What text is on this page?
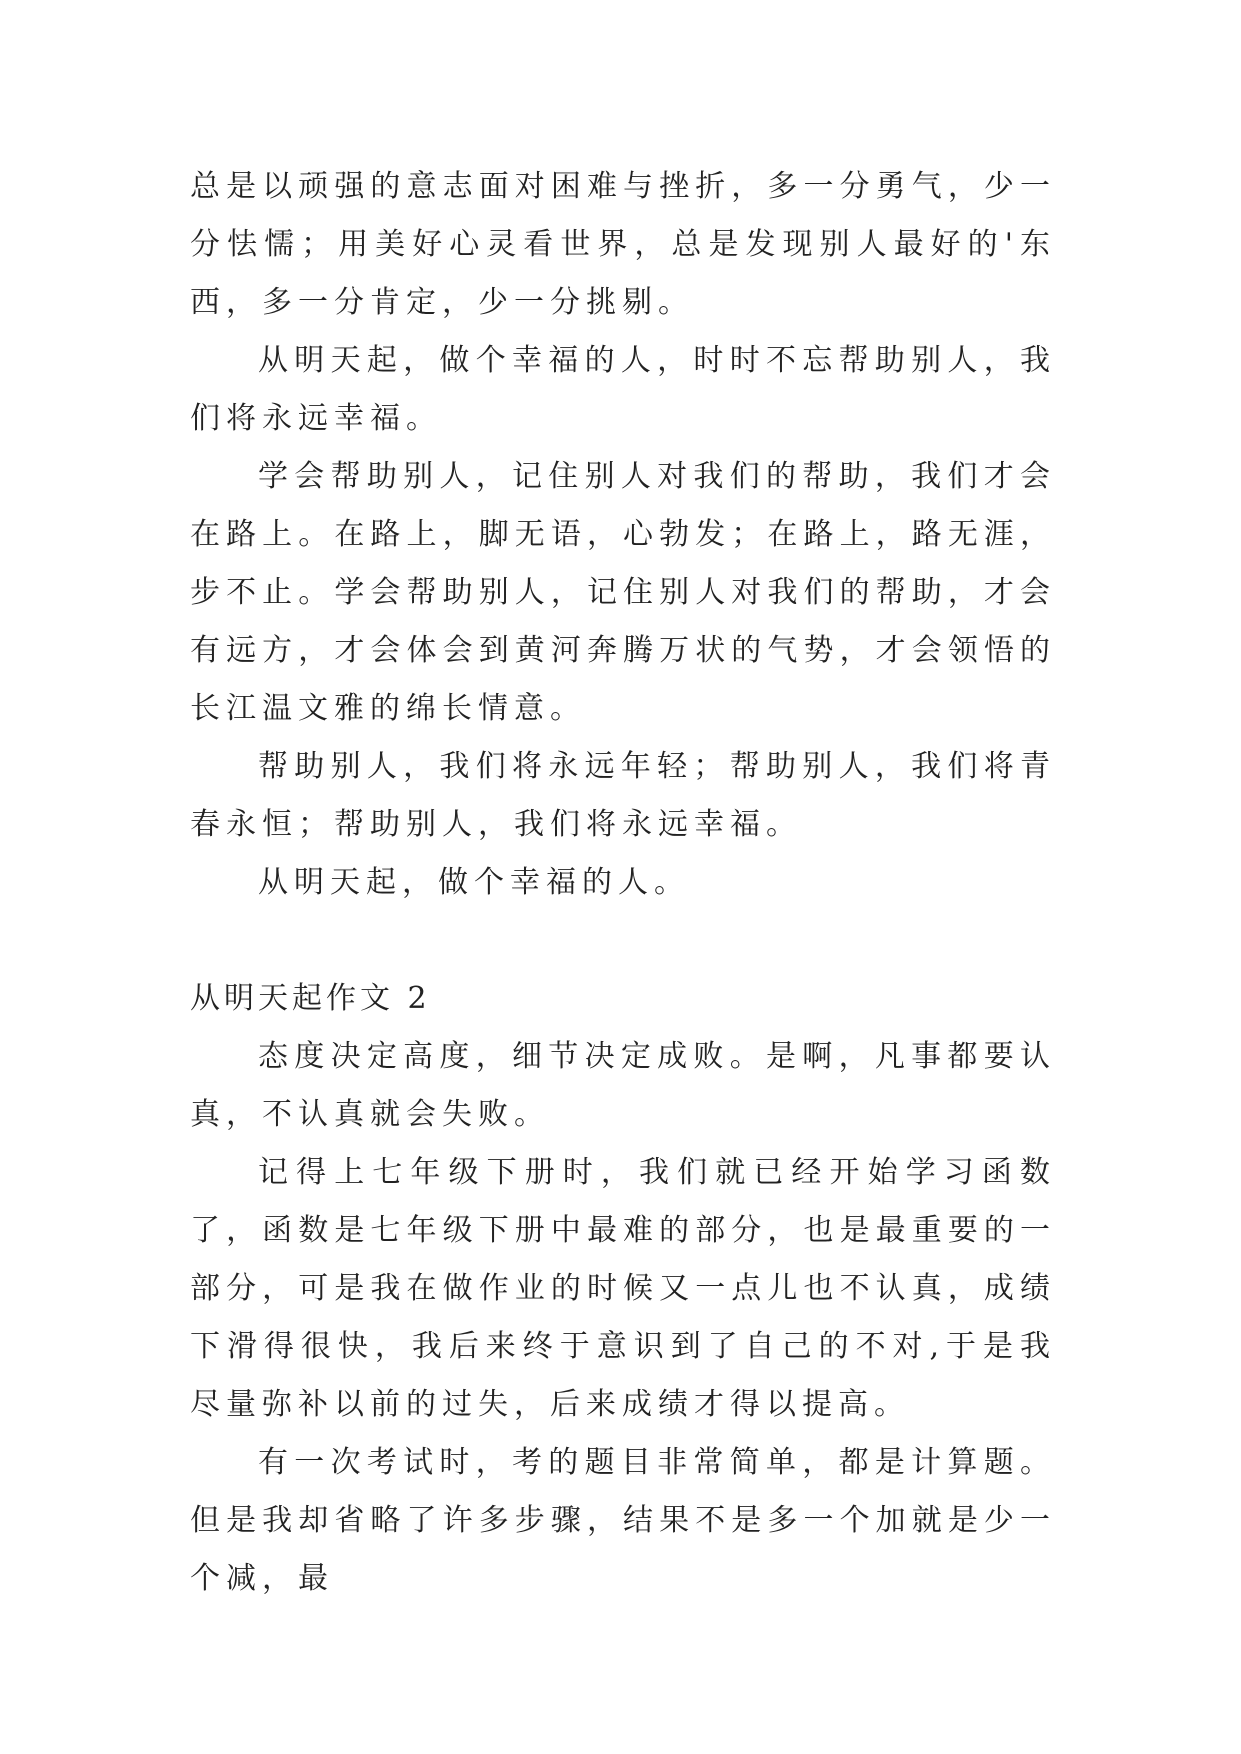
总是以顽强的意志面对困难与挫折，多一分勇气，少一分怯懦；用美好心灵看世界，总是发现别人最好的'东西，多一分肯定，少一分挑剔。

从明天起，做个幸福的人，时时不忘帮助别人，我们将永远幸福。

学会帮助别人，记住别人对我们的帮助，我们才会在路上。在路上，脚无语，心勃发；在路上，路无涯，步不止。学会帮助别人，记住别人对我们的帮助，才会有远方，才会体会到黄河奔腾万状的气势，才会领悟的长江温文雅的绵长情意。

帮助别人，我们将永远年轻；帮助别人，我们将青春永恒；帮助别人，我们将永远幸福。

从明天起，做个幸福的人。

从明天起作文 2

态度决定高度，细节决定成败。是啊，凡事都要认真，不认真就会失败。

记得上七年级下册时，我们就已经开始学习函数了，函数是七年级下册中最难的部分，也是最重要的一部分，可是我在做作业的时候又一点儿也不认真，成绩下滑得很快，我后来终于意识到了自己的不对,于是我尽量弥补以前的过失，后来成绩才得以提高。

有一次考试时，考的题目非常简单，都是计算题。但是我却省略了许多步骤，结果不是多一个加就是少一个减，最
